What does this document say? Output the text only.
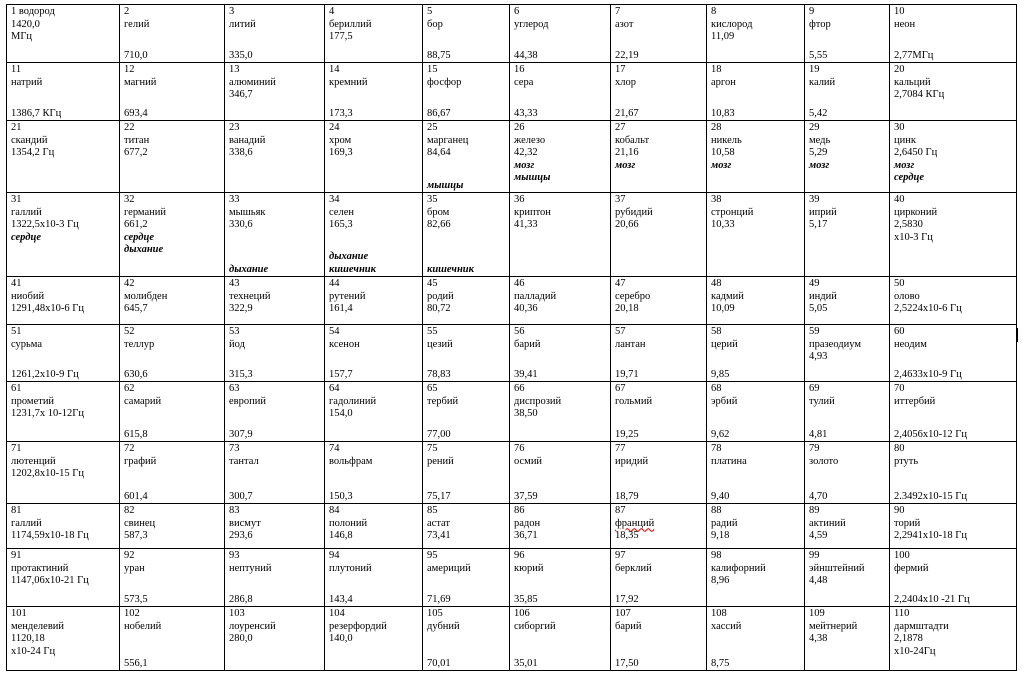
1 водород
1420,0
МГц	2
гелий
710,0	3
литий
335,0	4
бериллий
177,5	5
бор
88,75	6
углерод
44,38	7
азот
22,19	8
кислород
11,09	9
фтор
5,55	10
неон
2,77МГц

11
натрий
1386,7 КГц	12
магний
693,4	13
алюминий
346,7	14
кремний
173,3	15
фосфор
86,67	16
сера
43,33	17
хлор
21,67	18
аргон
10,83	19
калий
5,42	20
кальций
2,7084 КГц

21
скандий
1354,2 Гц	22
титан
677,2	23
ванадий
338,6	24
хром
169,3	25
марганец
84,64
мышцы	26
железо
42,32
мозг
мышцы	27
кобальт
21,16
мозг	28
никель
10,58
мозг	29
медь
5,29
мозг	30
цинк
2,6450 Гц
мозг
сердце

31
галлий
1322,5x10-3 Гц
сердце	32
германий
661,2
сердце
дыхание	33
мышьяк
330,6
дыхание	34
селен
165,3
дыхание
кишечник	35
бром
82,66
кишечник	36
криптон
41,33	37
рубидий
20,66	38
стронций
10,33	39
иприй
5,17	40
цирконий
2,5830
x10-3 Гц

41
ниобий
1291,48x10-6 Гц	42
молибден
645,7	43
технеций
322,9	44
рутений
161,4	45
родий
80,72	46
палладий
40,36	47
серебро
20,18	48
кадмий
10,09	49
индий
5,05	50
олово
2,5224x10-6 Гц

51
сурьма
1261,2x10-9 Гц	52
теллур
630,6	53
йод
315,3	54
ксенон
157,7	55
цезий
78,83	56
барий
39,41	57
лантан
19,71	58
церий
9,85	59
празеодиум
4,93	60
неодим
2,4633x10-9 Гц

61
прометий
1231,7x 10-12Гц	62
самарий
615,8	63
европий
307,9	64
гадолиний
154,0	65
тербий
77,00	66
диспрозий
38,50	67
гольмий
19,25	68
эрбий
9,62	69
тулий
4,81	70
иттербий
2,4056x10-12 Гц

71
лютенций
1202,8x10-15 Гц	72
графий
601,4	73
тантал
300,7	74
вольфрам
150,3	75
рений
75,17	76
осмий
37,59	77
иридий
18,79	78
платина
9,40	79
золото
4,70	80
ртуть
2.3492x10-15 Гц

81
галлий
1174,59x10-18 Гц	82
свинец
587,3	83
висмут
293,6	84
полоний
146,8	85
астат
73,41	86
радон
36,71	87
франций
18,35	88
радий
9,18	89
актиний
4,59	90
торий
2,2941x10-18 Гц

91
протактиний
1147,06x10-21 Гц	92
уран
573,5	93
нептуний
286,8	94
плутоний
143,4	95
америций
71,69	96
кюрий
35,85	97
берклий
17,92	98
калифорний
8,96	99
эйнштейний
4,48	100
фермий
2,2404x10 -21 Гц

101
менделевий
1120,18
x10-24 Гц	102
нобелий
556,1	103
лоуренсий
280,0	104
резерфордий
140,0	105
дубний
70,01	106
сиборгий
35,01	107
барий
17,50	108
хассий
8,75	109
мейтнерий
4,38	110
дармштадти
2,1878
x10-24Гц
